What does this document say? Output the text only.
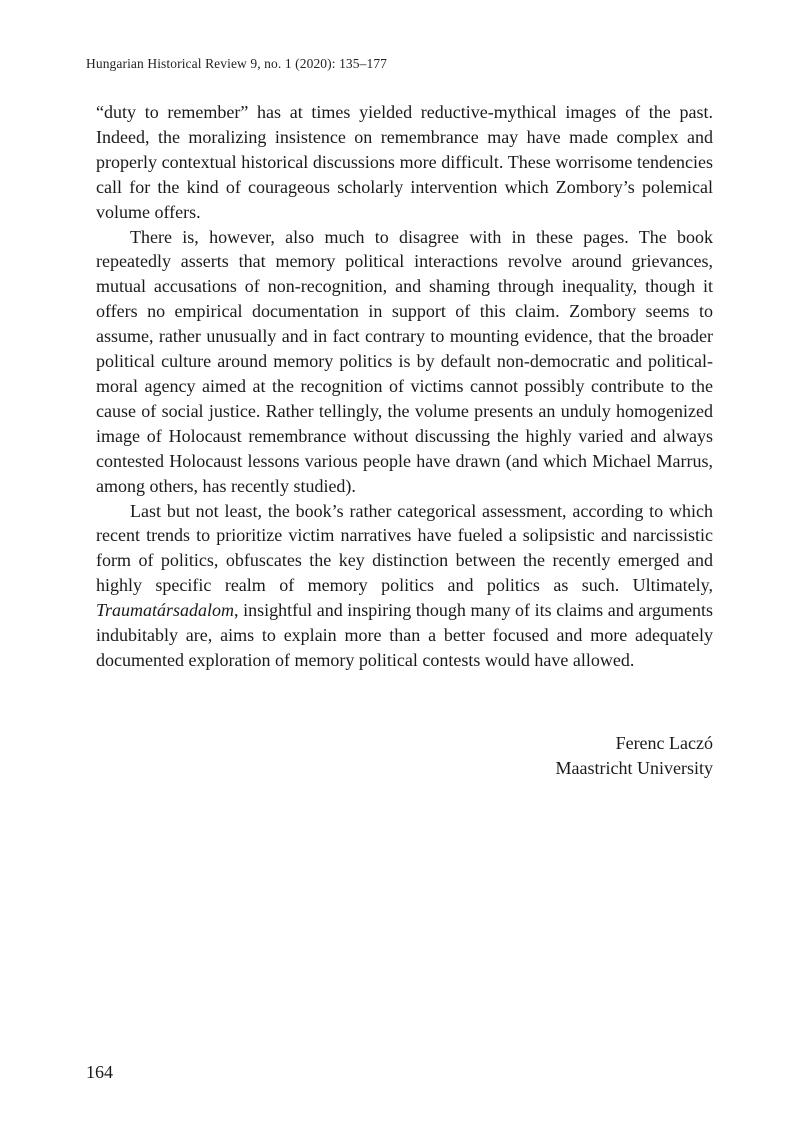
Hungarian Historical Review 9, no. 1 (2020): 135–177

“duty to remember” has at times yielded reductive-mythical images of the past. Indeed, the moralizing insistence on remembrance may have made complex and properly contextual historical discussions more difficult. These worrisome tendencies call for the kind of courageous scholarly intervention which Zombory’s polemical volume offers.

There is, however, also much to disagree with in these pages. The book repeatedly asserts that memory political interactions revolve around grievances, mutual accusations of non-recognition, and shaming through inequality, though it offers no empirical documentation in support of this claim. Zombory seems to assume, rather unusually and in fact contrary to mounting evidence, that the broader political culture around memory politics is by default non-democratic and political-moral agency aimed at the recognition of victims cannot possibly contribute to the cause of social justice. Rather tellingly, the volume presents an unduly homogenized image of Holocaust remembrance without discussing the highly varied and always contested Holocaust lessons various people have drawn (and which Michael Marrus, among others, has recently studied).

Last but not least, the book’s rather categorical assessment, according to which recent trends to prioritize victim narratives have fueled a solipsistic and narcissistic form of politics, obfuscates the key distinction between the recently emerged and highly specific realm of memory politics and politics as such. Ultimately, Traumatársadalom, insightful and inspiring though many of its claims and arguments indubitably are, aims to explain more than a better focused and more adequately documented exploration of memory political contests would have allowed.

Ferenc Laczó
Maastricht University
164
